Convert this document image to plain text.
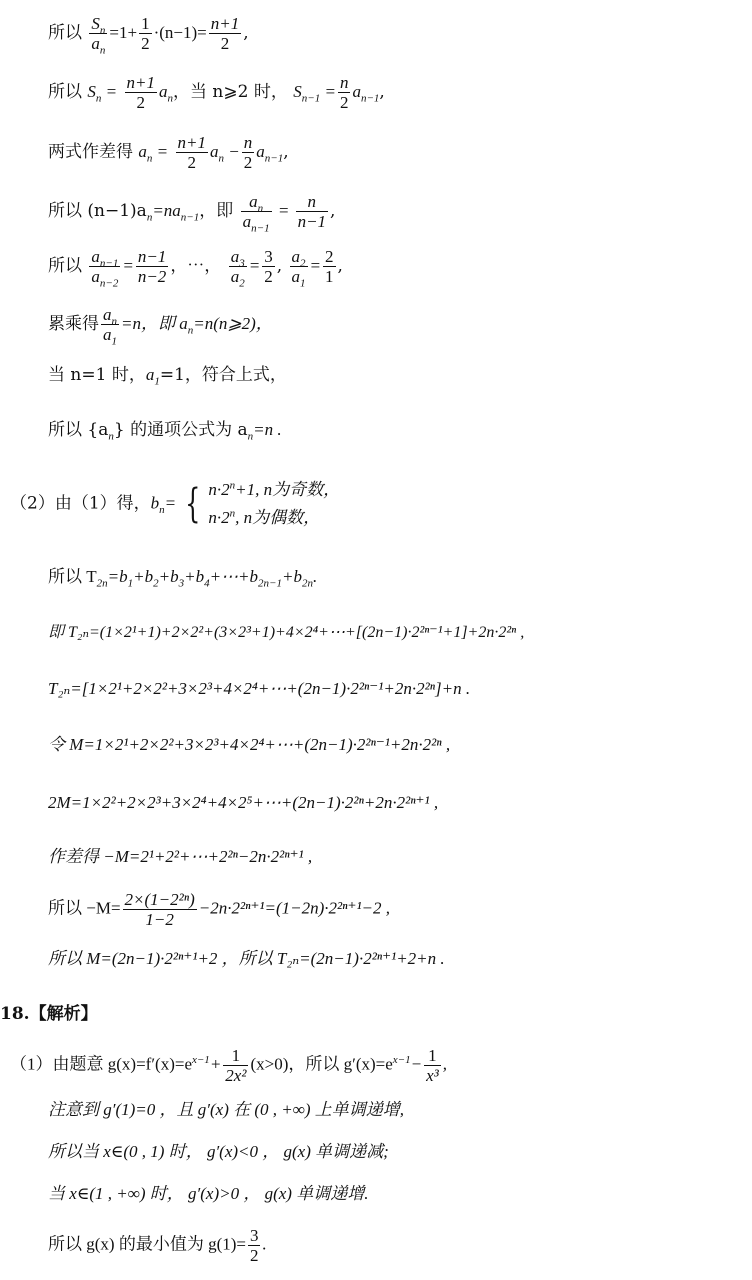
所以 $\frac{S_n}{a_n} =1+ \frac{1}{2} \cdot(n-1)= \frac{n+1}{2}$ ,
所以 $S_n = \frac{n+1}{2} a_n$，当 n⩾2 时， $S_{n-1} = \frac{n}{2} a_{n-1}$,
两式作差得 $a_n = \frac{n+1}{2} a_n - \frac{n}{2} a_{n-1}$,
所以 $(n-1)a_n=na_{n-1}$，即 $\frac{a_n}{a_{n-1}} = \frac{n}{n-1}$ ,
所以 $\frac{a_{n-1}}{a_{n-2}} = \frac{n-1}{n-2}$ ，⋯， $\frac{a_3}{a_2} = \frac{3}{2}$ , $\frac{a_2}{a_1} = \frac{2}{1}$ ,
累乘得 $\frac{a_n}{a_1} =n$，即 $a_n=n(n⩾2)$，
当 n=1 时，$a_1=1$，符合上式，
所以 $\{a_n\}$ 的通项公式为 $a_n=n$ .
（2）由（1）得，$b_n=$ { $n\cdot 2^n+1$, n为奇数，
$n\cdot 2^n$, n为偶数，
所以 $T_{2n}=b_1+b_2+b_3+b_4+\cdots+b_{2n-1}+b_{2n}$.
即 T₂ₙ=(1×2¹+1)+2×2²+(3×2³+1)+4×2⁴+⋯+[(2n−1)·2²ⁿ⁻¹+1]+2n·2²ⁿ ,
T₂ₙ=[1×2¹+2×2²+3×2³+4×2⁴+⋯+(2n−1)·2²ⁿ⁻¹+2n·2²ⁿ]+n .
令 M=1×2¹+2×2²+3×2³+4×2⁴+⋯+(2n−1)·2²ⁿ⁻¹+2n·2²ⁿ ,
2M=1×2²+2×2³+3×2⁴+4×2⁵+⋯+(2n−1)·2²ⁿ+2n·2²ⁿ⁺¹ ,
作差得 −M=2¹+2²+⋯+2²ⁿ−2n·2²ⁿ⁺¹ ,
所以 $-M= \frac{\text{2×(1−2²ⁿ)}}{1-2} -2n\cdot 2^{2n+1}=(1-2n)\cdot 2^{2n+1}-2$ ,
所以 M=(2n−1)·2²ⁿ⁺¹+2 ，所以 T₂ₙ=(2n−1)·2²ⁿ⁺¹+2+n .
18.【解析】
（1）由题意 $g(x)=f'(x)=e^{x-1}+ \frac{1}{\text{2x²}} (x>0)$，所以 $g'(x)=e^{x-1}- \frac{1}{\text{x³}}$ ,
注意到 g′(1)=0 ，且 g′(x) 在 (0 , +∞) 上单调递增,
所以当 x∈(0 , 1) 时， g′(x)<0 ， g(x) 单调递减;
当 x∈(1 , +∞) 时， g′(x)>0 ， g(x) 单调递增.
所以 g(x) 的最小值为 $g(1)= \frac{3}{2}$ .
